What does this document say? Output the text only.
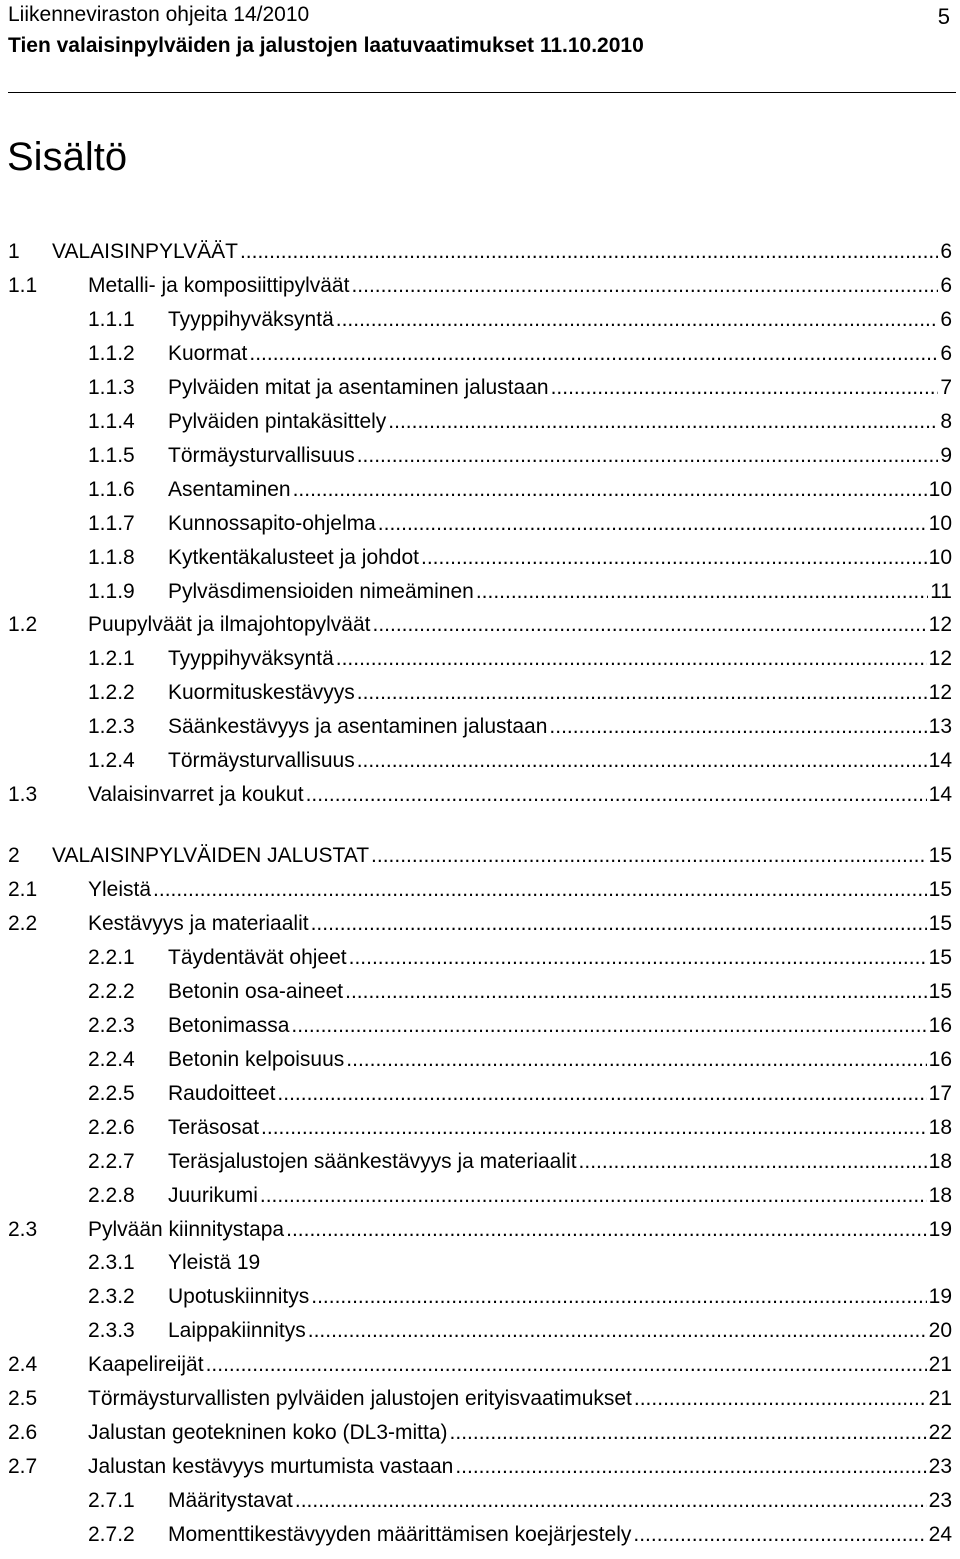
Liikenneviraston ohjeita 14/2010
Tien valaisinpylväiden ja jalustojen laatuvaatimukset 11.10.2010
5
Sisältö
1 VALAISINPYLVÄÄT .....	6
1.1 Metalli- ja komposiittipylväät .....	6
1.1.1 Tyyppihyväksyntä .....	6
1.1.2 Kuormat .....	6
1.1.3 Pylväiden mitat ja asentaminen jalustaan .....	7
1.1.4 Pylväiden pintakäsittely .....	8
1.1.5 Törmäysturvallisuus .....	9
1.1.6 Asentaminen .....	10
1.1.7 Kunnossapito-ohjelma .....	10
1.1.8 Kytkentäkalusteet ja johdot .....	10
1.1.9 Pylväsdimensioiden nimeäminen .....	11
1.2 Puupylväät ja ilmajohtopylväät .....	12
1.2.1 Tyyppihyväksyntä .....	12
1.2.2 Kuormituskestävyys .....	12
1.2.3 Säänkestävyys ja asentaminen jalustaan .....	13
1.2.4 Törmäysturvallisuus .....	14
1.3 Valaisinvarret ja koukut .....	14
2 VALAISINPYLVÄIDEN JALUSTAT .....	15
2.1 Yleistä .....	15
2.2 Kestävyys ja materiaalit .....	15
2.2.1 Täydentävät ohjeet .....	15
2.2.2 Betonin osa-aineet .....	15
2.2.3 Betonimassa .....	16
2.2.4 Betonin kelpoisuus .....	16
2.2.5 Raudoitteet .....	17
2.2.6 Teräsosat .....	18
2.2.7 Teräsjalustojen säänkestävyys ja materiaalit .....	18
2.2.8 Juurikumi .....	18
2.3 Pylvään kiinnitystapa .....	19
2.3.1 Yleistä 19
2.3.2 Upotuskiinnitys .....	19
2.3.3 Laippakiinnitys .....	20
2.4 Kaapelireijät .....	21
2.5 Törmäysturvallisten pylväiden jalustojen erityisvaatimukset .....	21
2.6 Jalustan geotekninen koko (DL3-mitta) .....	22
2.7 Jalustan kestävyys murtumista vastaan .....	23
2.7.1 Määritystavat .....	23
2.7.2 Momenttikestävyyden määrittämisen koejärjestely .....	24
